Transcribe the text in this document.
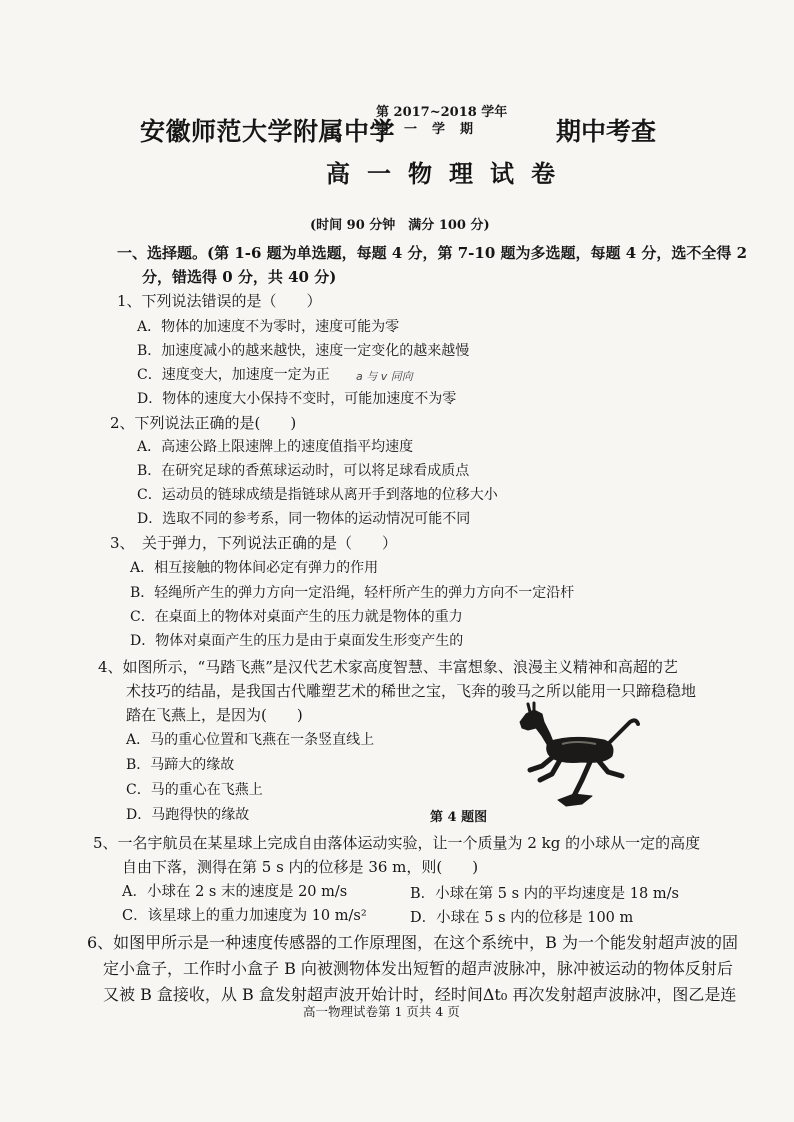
安徽师范大学附属中学
第 2017~2018 学年
第一学期	期中考查
高一物理试卷
(时间 90 分钟　满分 100 分)
一、选择题。(第 1-6 题为单选题，每题 4 分，第 7-10 题为多选题，每题 4 分，选不全得 2
分，错选得 0 分，共 40 分)
1、下列说法错误的是（　　）
A．物体的加速度不为零时，速度可能为零
B．加速度减小的越来越快，速度一定变化的越来越慢
C．速度变大，加速度一定为正 a 与 v 同向
D．物体的速度大小保持不变时，可能加速度不为零
2、下列说法正确的是(　　)
A．高速公路上限速牌上的速度值指平均速度
B．在研究足球的香蕉球运动时，可以将足球看成质点
C．运动员的链球成绩是指链球从离开手到落地的位移大小
D．选取不同的参考系，同一物体的运动情况可能不同
3、　关于弹力，下列说法正确的是（　　）
A．相互接触的物体间必定有弹力的作用
B．轻绳所产生的弹力方向一定沿绳，轻杆所产生的弹力方向不一定沿杆
C．在桌面上的物体对桌面产生的压力就是物体的重力
D．物体对桌面产生的压力是由于桌面发生形变产生的
4、如图所示，“马踏飞燕”是汉代艺术家高度智慧、丰富想象、浪漫主义精神和高超的艺
术技巧的结晶，是我国古代雕塑艺术的稀世之宝，飞奔的骏马之所以能用一只蹄稳稳地
踏在飞燕上，是因为(　　)
A．马的重心位置和飞燕在一条竖直线上
B．马蹄大的缘故
C．马的重心在飞燕上
D．马跑得快的缘故	第 4 题图
5、一名宇航员在某星球上完成自由落体运动实验，让一个质量为 2 kg 的小球从一定的高度
自由下落，测得在第 5 s 内的位移是 36 m，则(　　)
A．小球在 2 s 末的速度是 20 m/s	B．小球在第 5 s 内的平均速度是 18 m/s
C．该星球上的重力加速度为 10 m/s²	D．小球在 5 s 内的位移是 100 m
6、如图甲所示是一种速度传感器的工作原理图，在这个系统中，B 为一个能发射超声波的固
定小盒子，工作时小盒子 B 向被测物体发出短暂的超声波脉冲，脉冲被运动的物体反射后
又被 B 盒接收，从 B 盒发射超声波开始计时，经时间Δt₀ 再次发射超声波脉冲，图乙是连
高一物理试卷第 1 页共 4 页
